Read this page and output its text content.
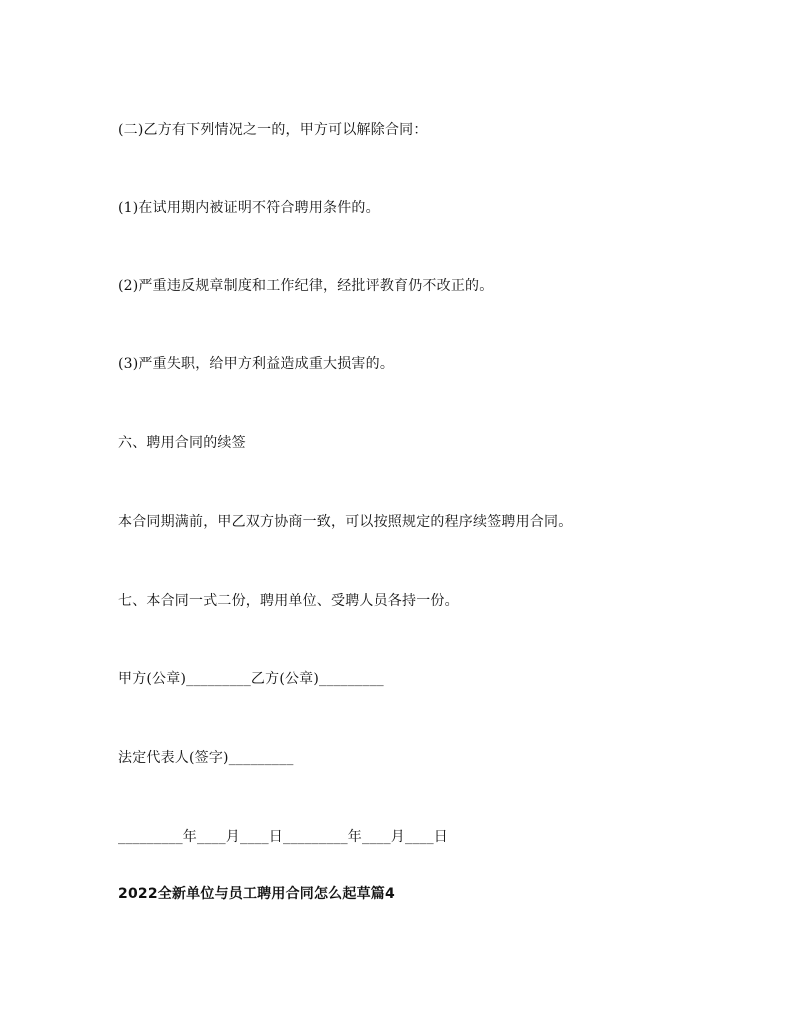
(二)乙方有下列情况之一的，甲方可以解除合同：
(1)在试用期内被证明不符合聘用条件的。
(2)严重违反规章制度和工作纪律，经批评教育仍不改正的。
(3)严重失职，给甲方利益造成重大损害的。
六、聘用合同的续签
本合同期满前，甲乙双方协商一致，可以按照规定的程序续签聘用合同。
七、本合同一式二份，聘用单位、受聘人员各持一份。
甲方(公章)_________乙方(公章)_________
法定代表人(签字)_________
_________年____月____日_________年____月____日
2022全新单位与员工聘用合同怎么起草篇4
